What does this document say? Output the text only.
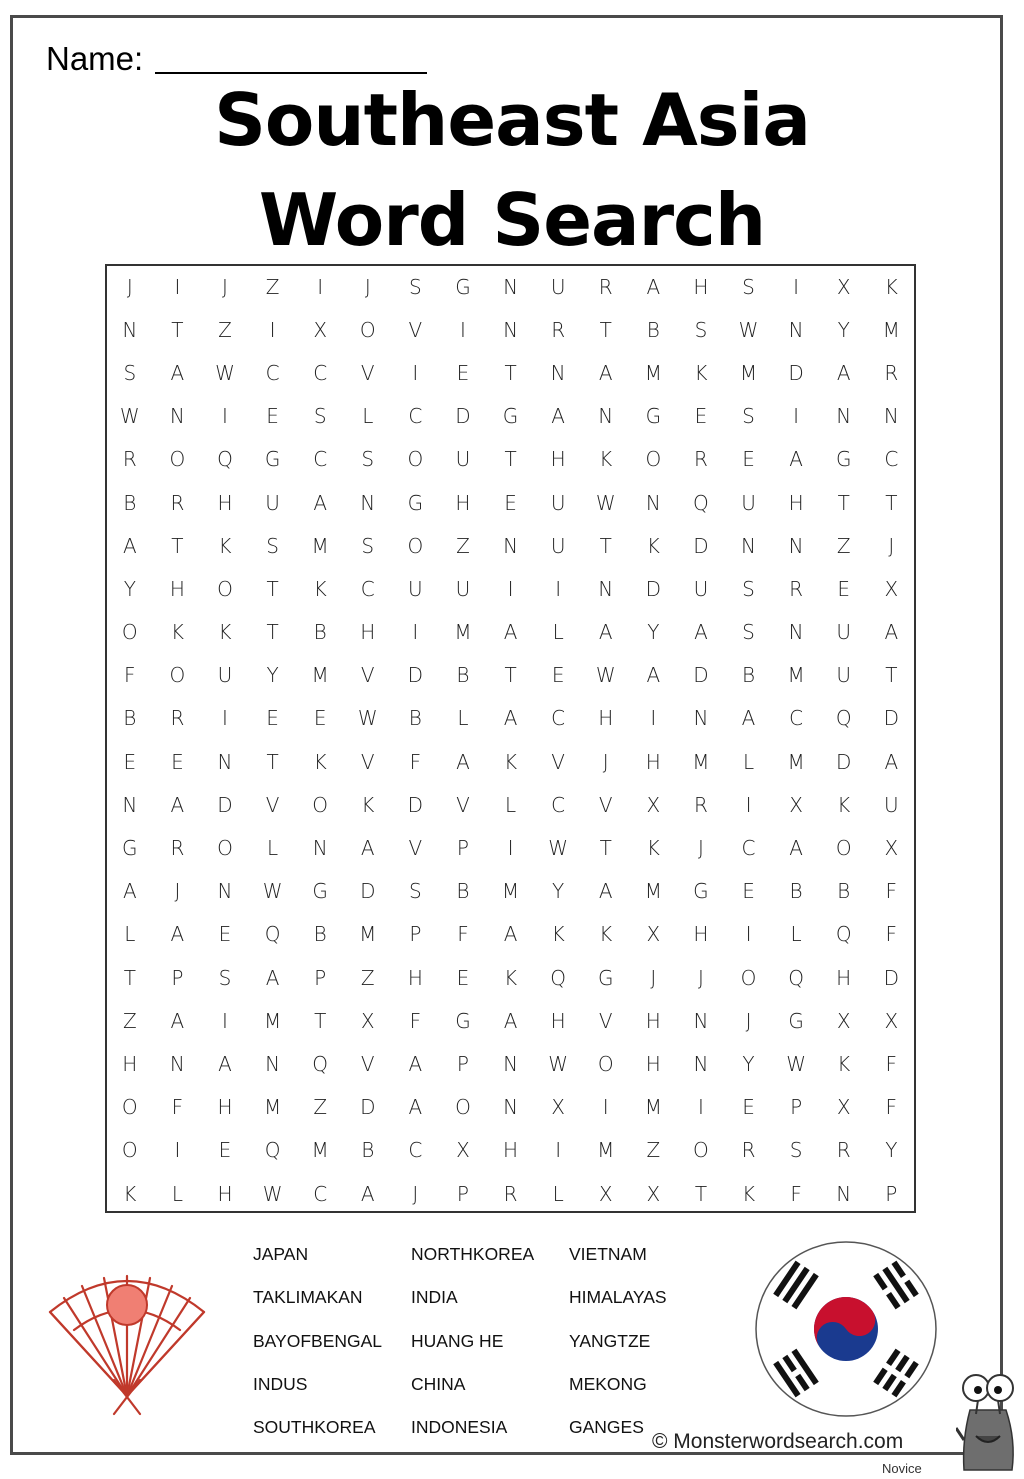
Name:
Southeast Asia
Word Search
J	I	J	Z	I	J	S	G	N	U	R	A	H	S	I	X	K
N	T	Z	I	X	O	V	I	N	R	T	B	S	W	N	Y	M
S	A	W	C	C	V	I	E	T	N	A	M	K	M	D	A	R
W	N	I	E	S	L	C	D	G	A	N	G	E	S	I	N	N
R	O	Q	G	C	S	O	U	T	H	K	O	R	E	A	G	C
B	R	H	U	A	N	G	H	E	U	W	N	Q	U	H	T	T
A	T	K	S	M	S	O	Z	N	U	T	K	D	N	N	Z	J
Y	H	O	T	K	C	U	U	I	I	N	D	U	S	R	E	X
O	K	K	T	B	H	I	M	A	L	A	Y	A	S	N	U	A
F	O	U	Y	M	V	D	B	T	E	W	A	D	B	M	U	T
B	R	I	E	E	W	B	L	A	C	H	I	N	A	C	Q	D
E	E	N	T	K	V	F	A	K	V	J	H	M	L	M	D	A
N	A	D	V	O	K	D	V	L	C	V	X	R	I	X	K	U
G	R	O	L	N	A	V	P	I	W	T	K	J	C	A	O	X
A	J	N	W	G	D	S	B	M	Y	A	M	G	E	B	B	F
L	A	E	Q	B	M	P	F	A	K	K	X	H	I	L	Q	F
T	P	S	A	P	Z	H	E	K	Q	G	J	J	O	Q	H	D
Z	A	I	M	T	X	F	G	A	H	V	H	N	J	G	X	X
H	N	A	N	Q	V	A	P	N	W	O	H	N	Y	W	K	F
O	F	H	M	Z	D	A	O	N	X	I	M	I	E	P	X	F
O	I	E	Q	M	B	C	X	H	I	M	Z	O	R	S	R	Y
K	L	H	W	C	A	J	P	R	L	X	X	T	K	F	N	P
JAPAN	NORTHKOREA	VIETNAM
TAKLIMAKAN	INDIA	HIMALAYAS
BAYOFBENGAL	HUANG HE	YANGTZE
INDUS	CHINA	MEKONG
SOUTHKOREA	INDONESIA	GANGES
© Monsterwordsearch.com
Novice
